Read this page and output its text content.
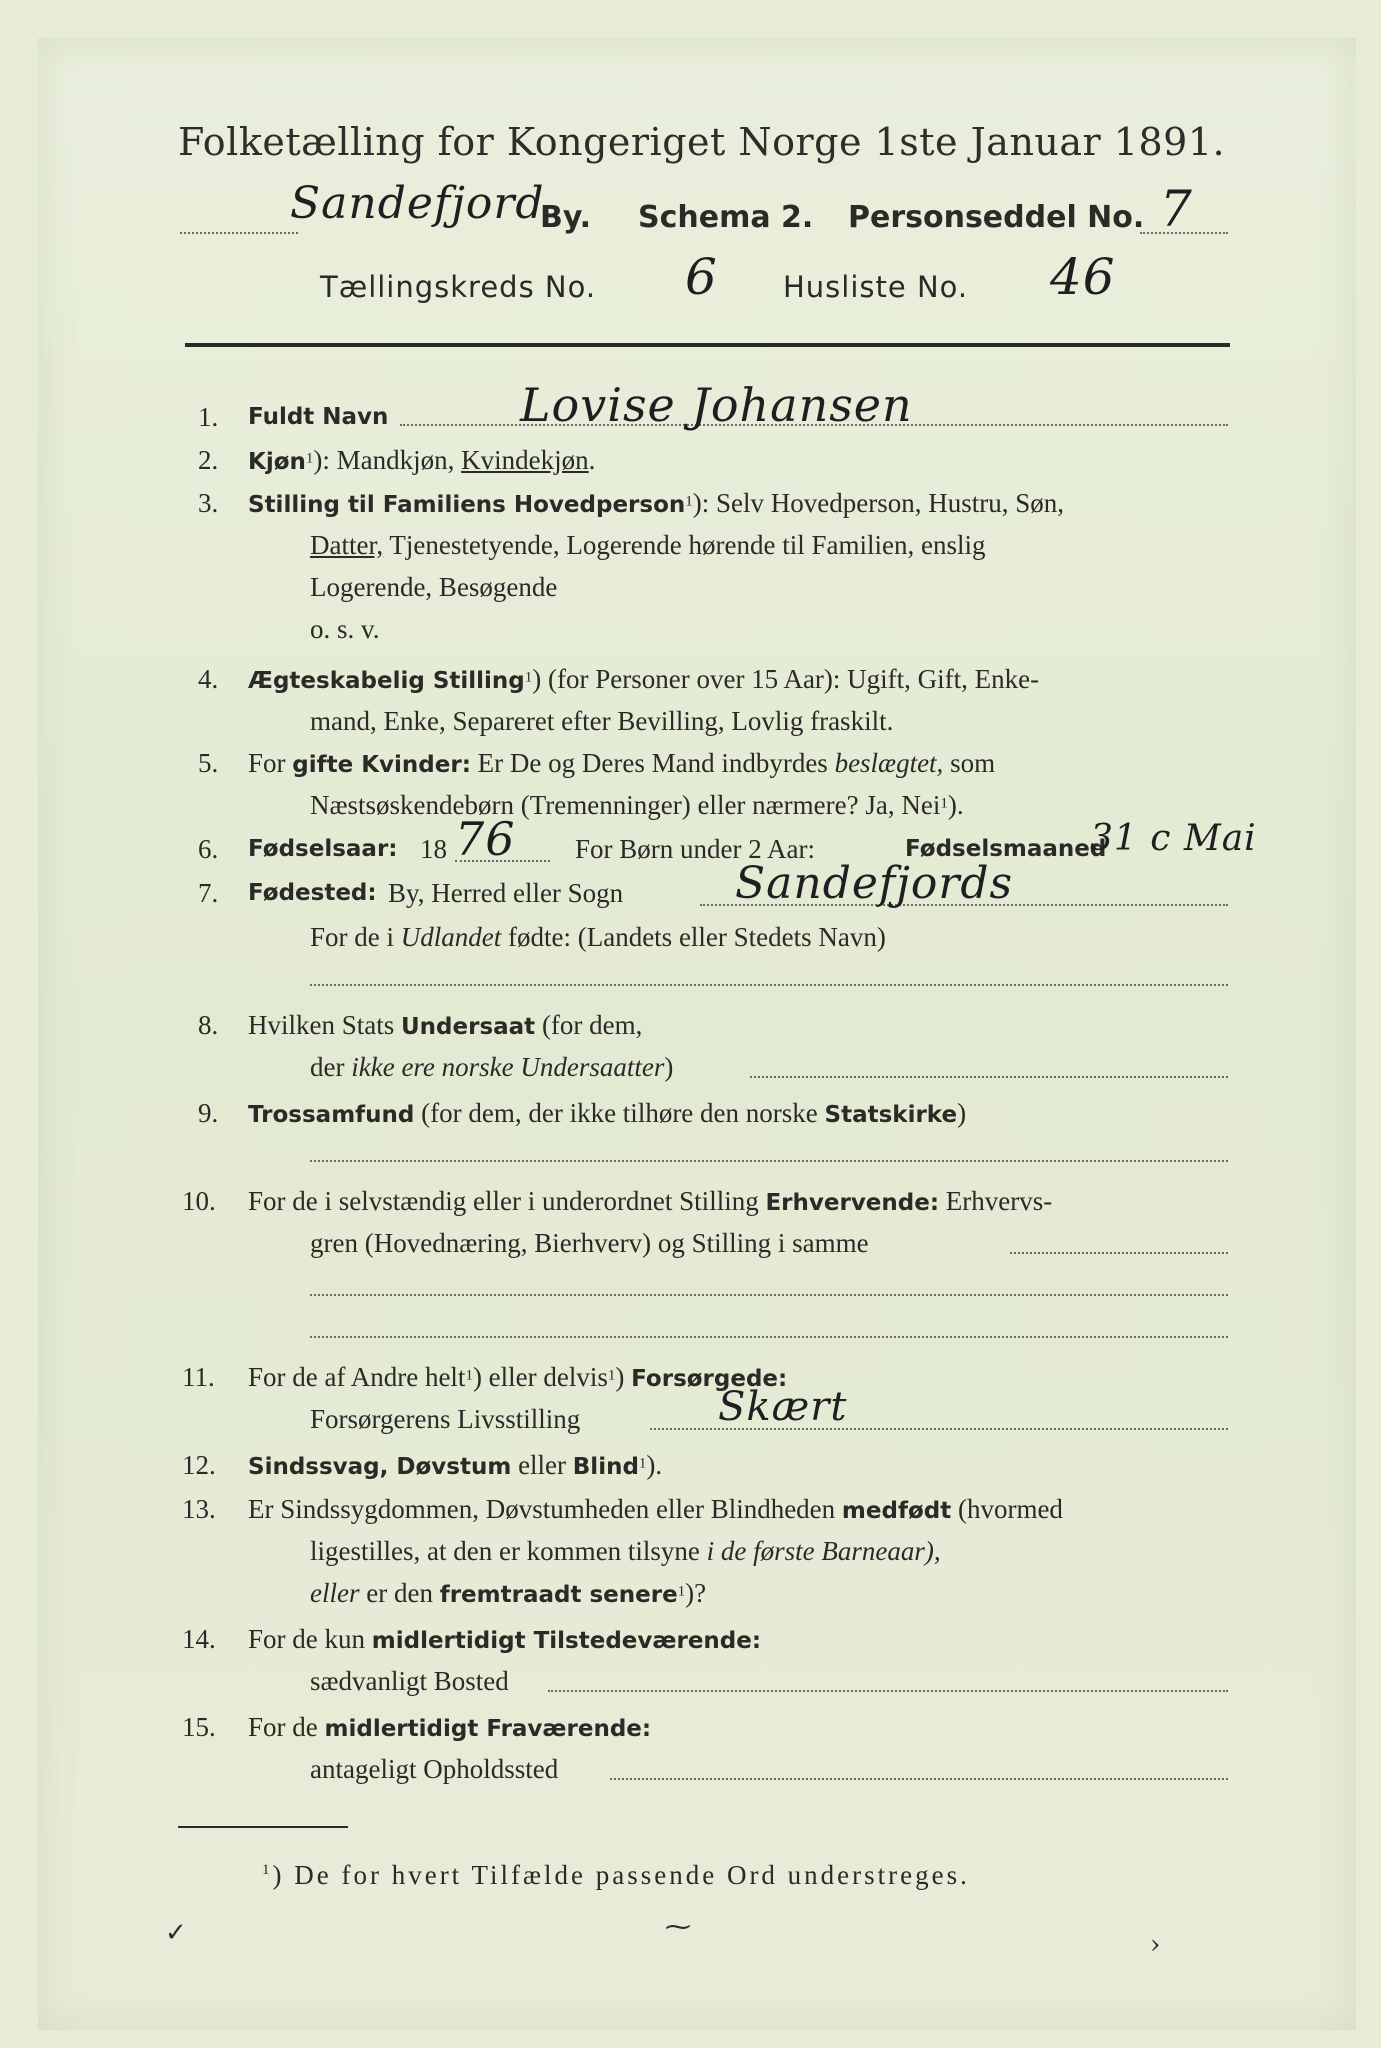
Folketælling for Kongeriget Norge 1ste Januar 1891.
Sandefjord
By. Schema 2. Personseddel No. 7
Tællingskreds No. 6 Husliste No. 46
1. Fuldt Navn	Lovise Johansen
2. Kjøn$^1$): Mandkjøn, Kvindekjøn.
3. Stilling til Familiens Hovedperson$^1$): Selv Hovedperson, Hustru, Søn,
Datter, Tjenestetyende, Logerende hørende til Familien, enslig
Logerende, Besøgende
o. s. v.
4. Ægteskabelig Stilling$^1$) (for Personer over 15 Aar): Ugift, Gift, Enke-
mand, Enke, Separeret efter Bevilling, Lovlig fraskilt.
5. For gifte Kvinder: Er De og Deres Mand indbyrdes beslægtet, som
Næstsøskendebørn (Tremenninger) eller nærmere? Ja, Nei$^1$).
6. Fødselsaar: 18 76 For Børn under 2 Aar:	Fødselsmaaned
31 c Mai
7. Fødested: By, Herred eller Sogn	Sandefjords
For de i Udlandet fødte: (Landets eller Stedets Navn)
8. Hvilken Stats Undersaat (for dem,
der ikke ere norske Undersaatter)
9. Trossamfund (for dem, der ikke tilhøre den norske Statskirke)
10. For de i selvstændig eller i underordnet Stilling Erhvervende: Erhvervs-
gren (Hovednæring, Bierhverv) og Stilling i samme
11. For de af Andre helt$^1$) eller delvis$^1$) Forsørgede:
Forsørgerens Livsstilling	Skært
12. Sindssvag, Døvstum eller Blind$^1$).
13. Er Sindssygdommen, Døvstumheden eller Blindheden medfødt (hvormed
ligestilles, at den er kommen tilsyne i de første Barneaar),
eller er den fremtraadt senere$^1$)?
14. For de kun midlertidigt Tilstedeværende:
sædvanligt Bosted
15. For de midlertidigt Fraværende:
antageligt Opholdssted
$^1$) De for hvert Tilfælde passende Ord understreges.
✓	⁓
›
